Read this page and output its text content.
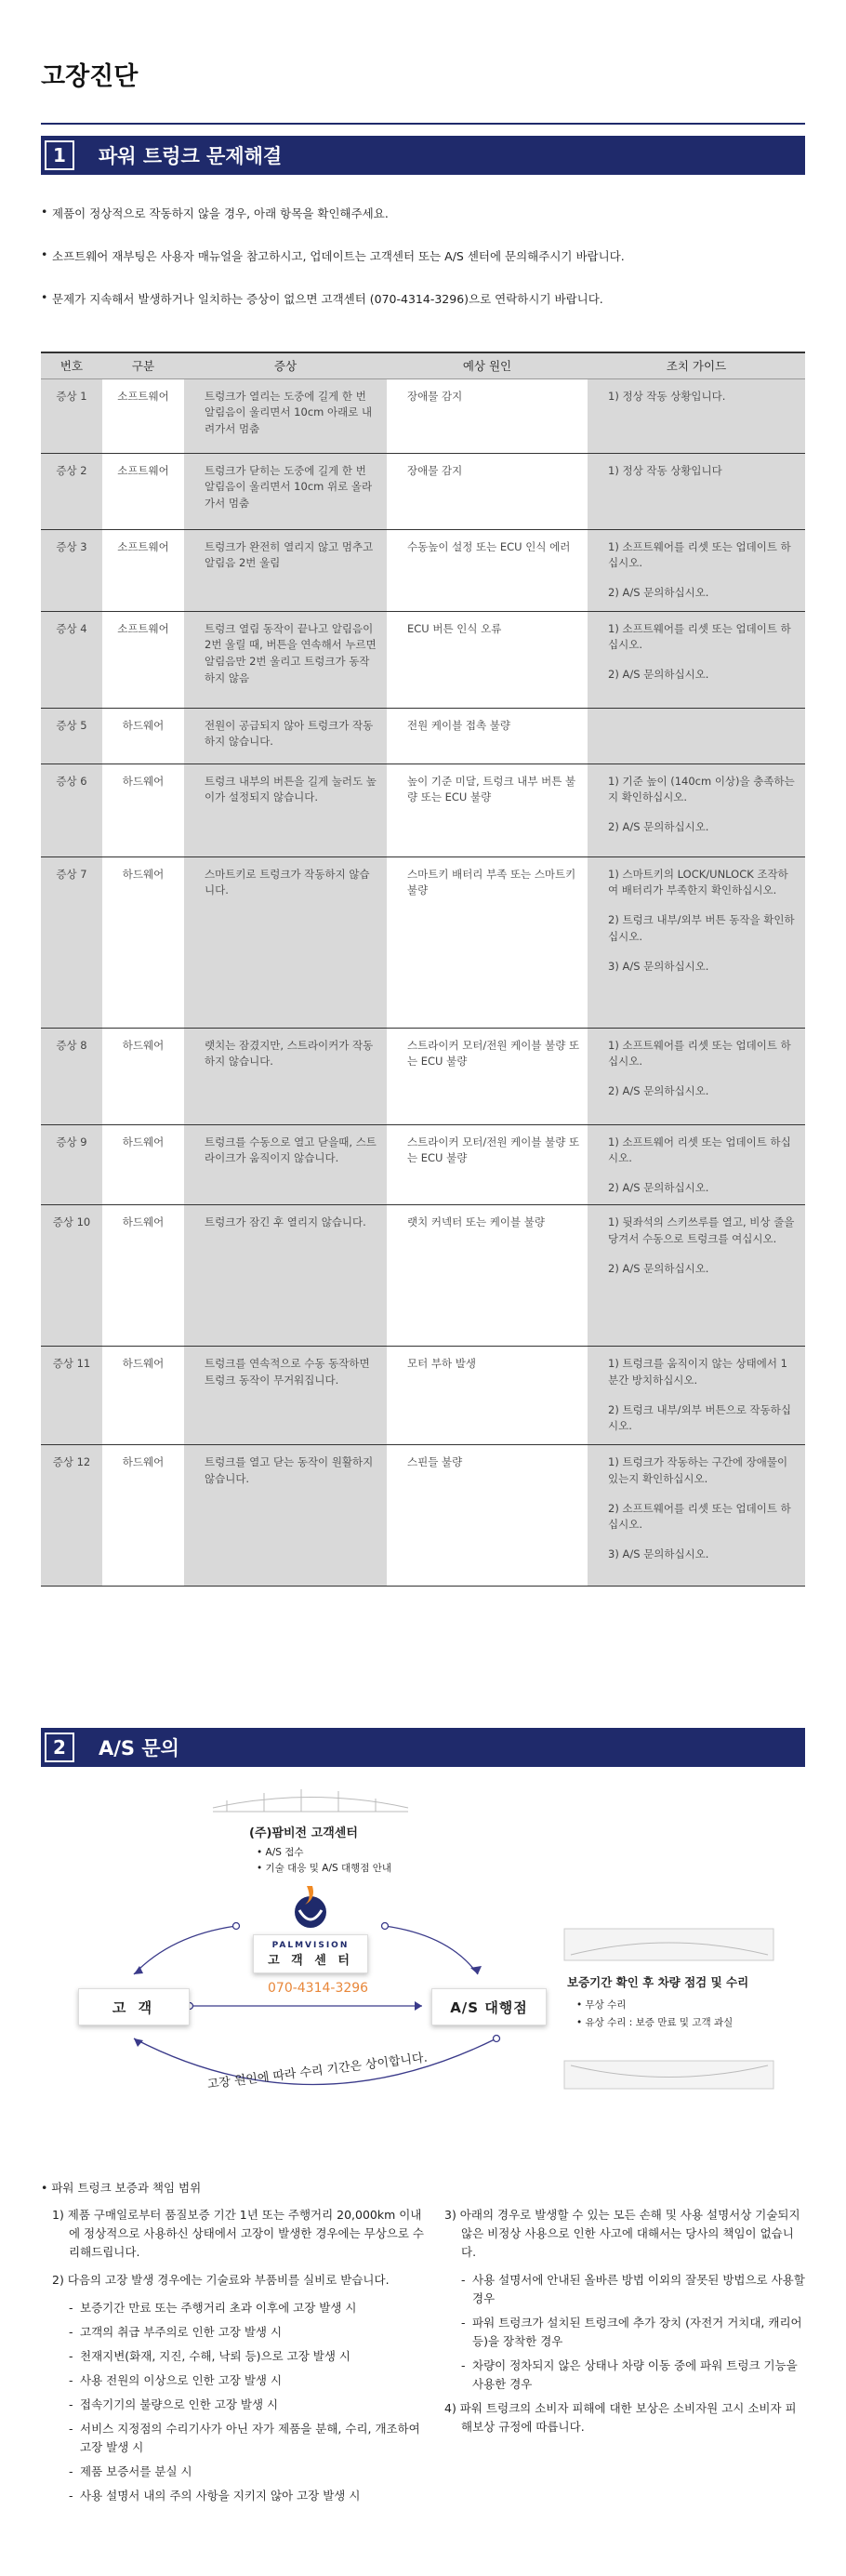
고장진단
1	파워 트렁크 문제해결
• 제품이 정상적으로 작동하지 않을 경우, 아래 항목을 확인해주세요.
• 소프트웨어 재부팅은 사용자 매뉴얼을 참고하시고, 업데이트는 고객센터 또는 A/S 센터에 문의해주시기 바랍니다.
• 문제가 지속해서 발생하거나 일치하는 증상이 없으면 고객센터 (070-4314-3296)으로 연락하시기 바랍니다.
번호	구분	증상	예상 원인	조치 가이드
증상 1	소프트웨어	트렁크가 열리는 도중에 길게 한 번 알림음이 울리면서 10cm 아래로 내려가서 멈춤	장애물 감지	1) 정상 작동 상황입니다.

증상 2	소프트웨어	트렁크가 닫히는 도중에 길게 한 번 알림음이 울리면서 10cm 위로 올라가서 멈춤	장애물 감지	1) 정상 작동 상황입니다

증상 3	소프트웨어	트렁크가 완전히 열리지 않고 멈추고 알림음 2번 울림	수동높이 설정 또는 ECU 인식 에러	1) 소프트웨어를 리셋 또는 업데이트 하십시오.
2) A/S 문의하십시오.

증상 4	소프트웨어	트렁크 열림 동작이 끝나고 알림음이 2번 울릴 때, 버튼을 연속해서 누르면 알림음만 2번 울리고 트렁크가 동작하지 않음	ECU 버튼 인식 오류	1) 소프트웨어를 리셋 또는 업데이트 하십시오.
2) A/S 문의하십시오.

증상 5	하드웨어	전원이 공급되지 않아 트렁크가 작동하지 않습니다.	전원 케이블 접촉 불량	
증상 6	하드웨어	트렁크 내부의 버튼을 길게 눌러도 높이가 설정되지 않습니다.	높이 기준 미달, 트렁크 내부 버튼 불량 또는 ECU 불량	1) 기준 높이 (140cm 이상)을 충족하는지 확인하십시오.
2) A/S 문의하십시오.

증상 7	하드웨어	스마트키로 트렁크가 작동하지 않습니다.	스마트키 배터리 부족 또는 스마트키 불량	1) 스마트키의 LOCK/UNLOCK 조작하여 배터리가 부족한지 확인하십시오.
2) 트렁크 내부/외부 버튼 동작을 확인하십시오.
3) A/S 문의하십시오.

증상 8	하드웨어	랫치는 잠겼지만, 스트라이커가 작동하지 않습니다.	스트라이커 모터/전원 케이블 불량 또는 ECU 불량	1) 소프트웨어를 리셋 또는 업데이트 하십시오.
2) A/S 문의하십시오.

증상 9	하드웨어	트렁크를 수동으로 열고 닫을때, 스트라이크가 움직이지 않습니다.	스트라이커 모터/전원 케이블 불량 또는 ECU 불량	1) 소프트웨어 리셋 또는 업데이트 하십시오.
2) A/S 문의하십시오.

증상 10	하드웨어	트렁크가 잠긴 후 열리지 않습니다.	랫치 커넥터 또는 케이블 불량	1) 뒷좌석의 스키쓰루를 열고, 비상 줄을 당겨서 수동으로 트렁크를 여십시오.
2) A/S 문의하십시오.

증상 11	하드웨어	트렁크를 연속적으로 수동 동작하면 트렁크 동작이 무거워집니다.	모터 부하 발생	1) 트렁크를 움직이지 않는 상태에서 1분간 방치하십시오.
2) 트렁크 내부/외부 버튼으로 작동하십시오.

증상 12	하드웨어	트렁크를 열고 닫는 동작이 원활하지 않습니다.	스핀들 불량	1) 트렁크가 작동하는 구간에 장애물이 있는지 확인하십시오.
2) 소프트웨어를 리셋 또는 업데이트 하십시오.
3) A/S 문의하십시오.
2	A/S 문의
(주)팜비전 고객센터
• A/S 접수
• 기술 대응 및 A/S 대행점 안내
PALMVISION
고 객 센 터
070-4314-3296
고 객	A/S 대행점
고장 원인에 따라 수리 기간은 상이합니다.
보증기간 확인 후 차량 점검 및 수리
• 무상 수리
• 유상 수리 : 보증 만료 및 고객 과실
• 파워 트렁크 보증과 책임 범위
1) 제품 구매일로부터 품질보증 기간 1년 또는 주행거리 20,000km 이내에 정상적으로 사용하신 상태에서 고장이 발생한 경우에는 무상으로 수리해드립니다.
2) 다음의 고장 발생 경우에는 기술료와 부품비를 실비로 받습니다.
- 보증기간 만료 또는 주행거리 초과 이후에 고장 발생 시
- 고객의 취급 부주의로 인한 고장 발생 시
- 천재지변(화재, 지진, 수해, 낙뢰 등)으로 고장 발생 시
- 사용 전원의 이상으로 인한 고장 발생 시
- 접속기기의 불량으로 인한 고장 발생 시
- 서비스 지정점의 수리기사가 아닌 자가 제품을 분해, 수리, 개조하여 고장 발생 시
- 제품 보증서를 분실 시
- 사용 설명서 내의 주의 사항을 지키지 않아 고장 발생 시
3) 아래의 경우로 발생할 수 있는 모든 손해 및 사용 설명서상 기술되지 않은 비정상 사용으로 인한 사고에 대해서는 당사의 책임이 없습니다.
- 사용 설명서에 안내된 올바른 방법 이외의 잘못된 방법으로 사용할 경우
- 파워 트렁크가 설치된 트렁크에 추가 장치 (자전거 거치대, 캐리어 등)을 장착한 경우
- 차량이 정차되지 않은 상태나 차량 이동 중에 파워 트렁크 기능을 사용한 경우
4) 파워 트렁크의 소비자 피해에 대한 보상은 소비자원 고시 소비자 피해보상 규정에 따릅니다.
